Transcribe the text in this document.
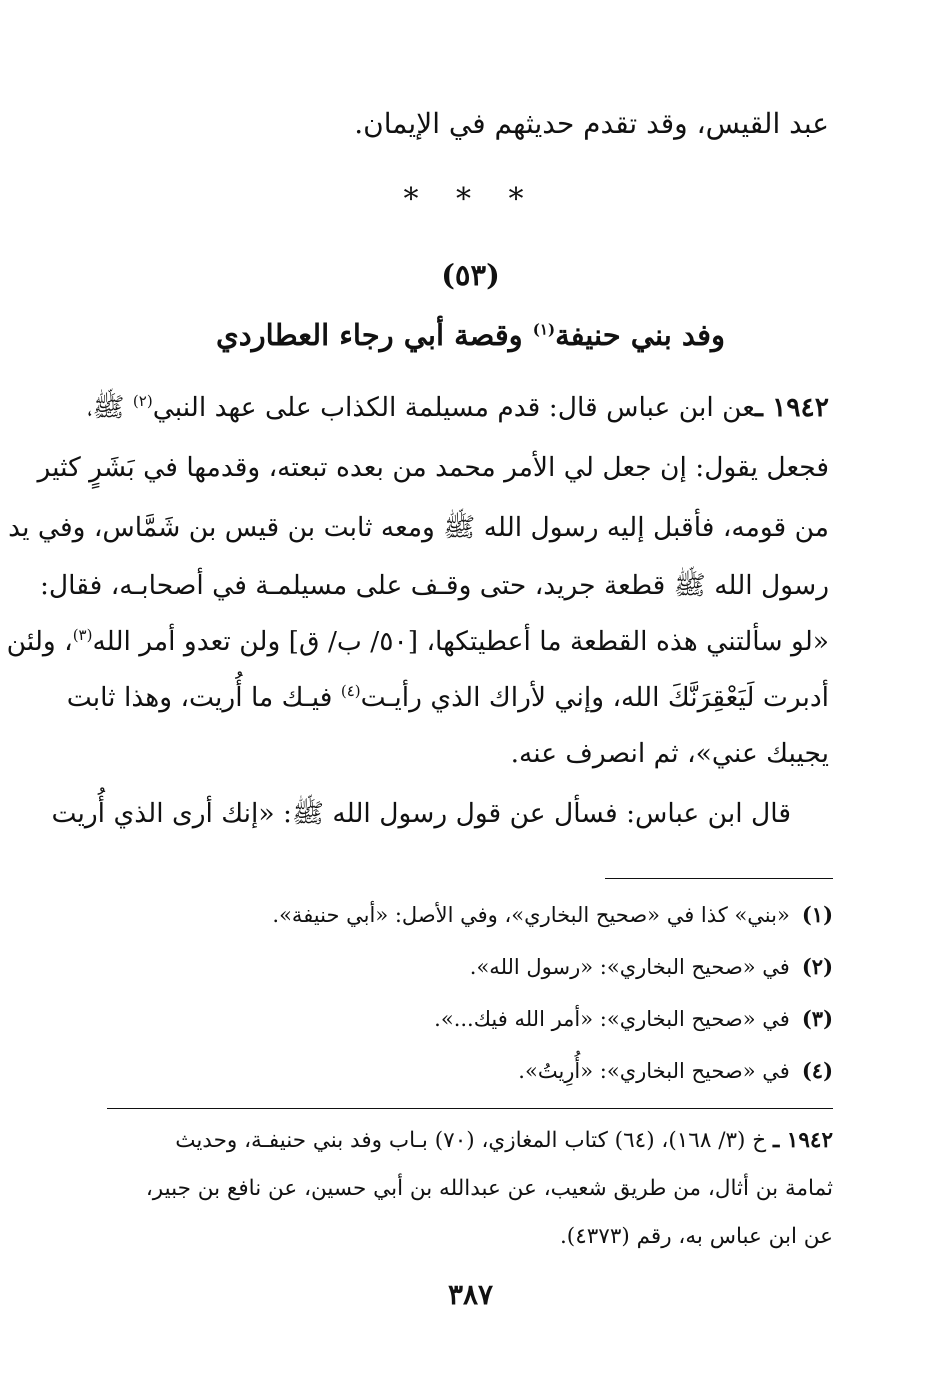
عبد القيس، وقد تقدم حديثهم في الإيمان.
* * *
(٥٣)
وفد بني حنيفة$^{(١)}$ وقصة أبي رجاء العطاردي
١٩٤٢ ـعن ابن عباس قال: قدم مسيلمة الكذاب على عهد النبي$^{(٢)}$ ﷺ،
فجعل يقول: إن جعل لي الأمر محمد من بعده تبعته، وقدمها في بَشَرٍ كثير
من قومه، فأقبل إليه رسول الله ﷺ ومعه ثابت بن قيس بن شَمَّاس، وفي يد
رسول الله ﷺ قطعة جريد، حتى وقـف على مسيلمـة في أصحابـه، فقال:
«لو سألتني هذه القطعة ما أعطيتكها، [٥٠/ ب/ ق] ولن تعدو أمر الله$^{(٣)}$، ولئن
أدبرت لَيَعْقِرَنَّكَ الله، وإني لأراك الذي رأيـت$^{(٤)}$ فيـك ما أُريت، وهذا ثابت
يجيبك عني»، ثم انصرف عنه.
قال ابن عباس: فسأل عن قول رسول الله ﷺ: «إنك أرى الذي أُريت
(١)«بني» كذا في «صحيح البخاري»، وفي الأصل: «أبي حنيفة».
(٢)في «صحيح البخاري»: «رسول الله».
(٣)في «صحيح البخاري»: «أمر الله فيك...».
(٤)في «صحيح البخاري»: «أُرِيتُ».
١٩٤٢ ـ خ (٣/ ١٦٨)، (٦٤) كتاب المغازي، (٧٠) بـاب وفد بني حنيفـة، وحديث
ثمامة بن أثال، من طريق شعيب، عن عبدالله بن أبي حسين، عن نافع بن جبير،
عن ابن عباس به، رقم (٤٣٧٣).
٣٨٧
